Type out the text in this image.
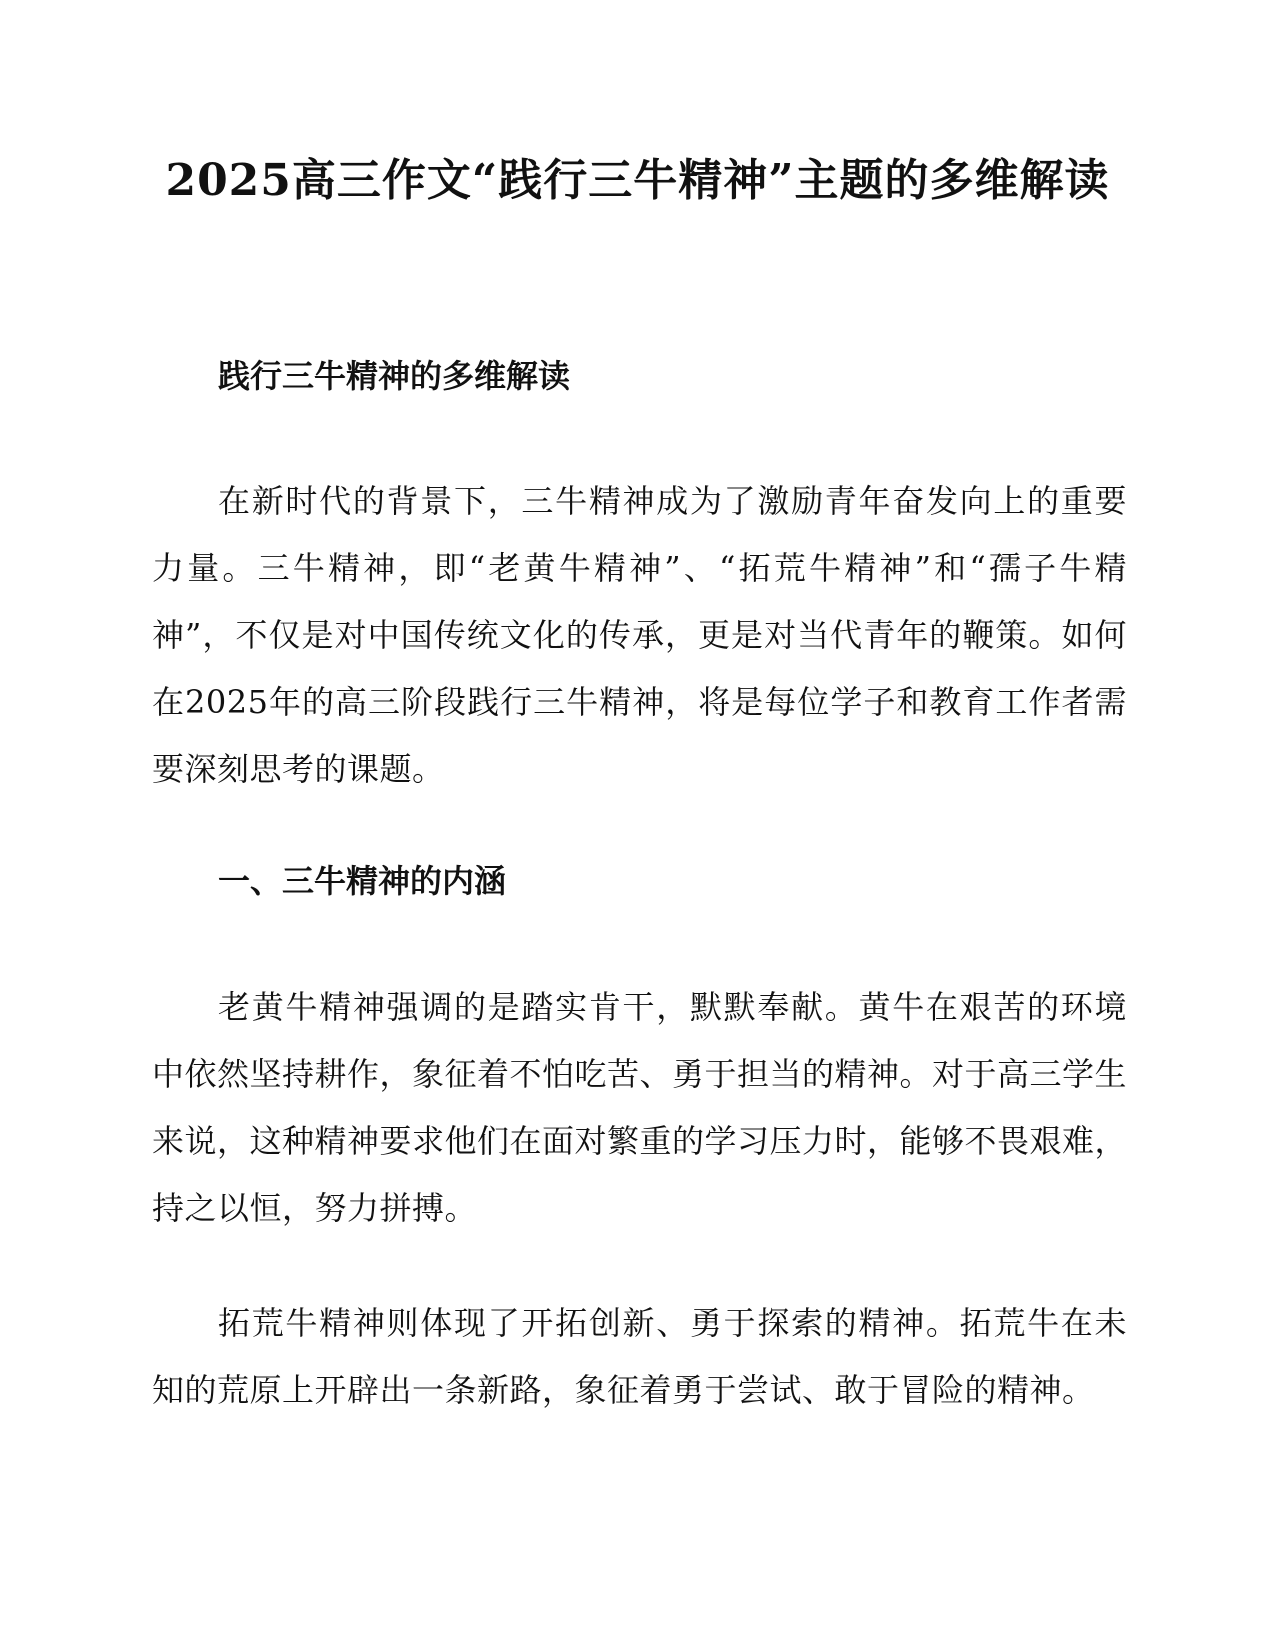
2025高三作文“践行三牛精神”主题的多维解读
践行三牛精神的多维解读

在新时代的背景下，三牛精神成为了激励青年奋发向上的重要力量。三牛精神，即“老黄牛精神”、“拓荒牛精神”和“孺子牛精神”，不仅是对中国传统文化的传承，更是对当代青年的鞭策。如何在2025年的高三阶段践行三牛精神，将是每位学子和教育工作者需要深刻思考的课题。

一、三牛精神的内涵

老黄牛精神强调的是踏实肯干，默默奉献。黄牛在艰苦的环境中依然坚持耕作，象征着不怕吃苦、勇于担当的精神。对于高三学生来说，这种精神要求他们在面对繁重的学习压力时，能够不畏艰难，持之以恒，努力拼搏。

拓荒牛精神则体现了开拓创新、勇于探索的精神。拓荒牛在未知的荒原上开辟出一条新路，象征着勇于尝试、敢于冒险的精神。
